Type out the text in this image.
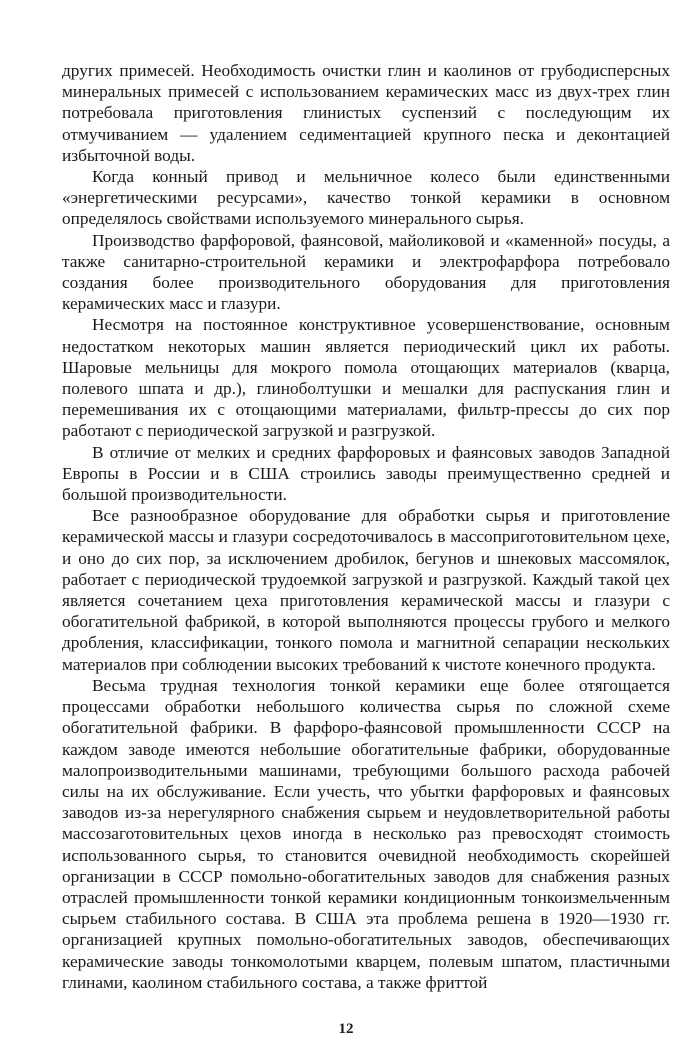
других примесей. Необходимость очистки глин и каолинов от грубодисперсных минеральных примесей с использованием керамических масс из двух-трех глин потребовала приготовления глинистых суспензий с последующим их отмучиванием — удалением седиментацией крупного песка и деконтацией избыточной воды.

Когда конный привод и мельничное колесо были единственными «энергетическими ресурсами», качество тонкой керамики в основном определялось свойствами используемого минерального сырья.

Производство фарфоровой, фаянсовой, майоликовой и «каменной» посуды, а также санитарно-строительной керамики и электрофарфора потребовало создания более производительного оборудования для приготовления керамических масс и глазури.

Несмотря на постоянное конструктивное усовершенствование, основным недостатком некоторых машин является периодический цикл их работы. Шаровые мельницы для мокрого помола отощающих материалов (кварца, полевого шпата и др.), глиноболтушки и мешалки для распускания глин и перемешивания их с отощающими материалами, фильтр-прессы до сих пор работают с периодической загрузкой и разгрузкой.

В отличие от мелких и средних фарфоровых и фаянсовых заводов Западной Европы в России и в США строились заводы преимущественно средней и большой производительности.

Все разнообразное оборудование для обработки сырья и приготовление керамической массы и глазури сосредоточивалось в массоприготовительном цехе, и оно до сих пор, за исключением дробилок, бегунов и шнековых массомялок, работает с периодической трудоемкой загрузкой и разгрузкой. Каждый такой цех является сочетанием цеха приготовления керамической массы и глазури с обогатительной фабрикой, в которой выполняются процессы грубого и мелкого дробления, классификации, тонкого помола и магнитной сепарации нескольких материалов при соблюдении высоких требований к чистоте конечного продукта.

Весьма трудная технология тонкой керамики еще более отягощается процессами обработки небольшого количества сырья по сложной схеме обогатительной фабрики. В фарфоро-фаянсовой промышленности СССР на каждом заводе имеются небольшие обогатительные фабрики, оборудованные малопроизводительными машинами, требующими большого расхода рабочей силы на их обслуживание. Если учесть, что убытки фарфоровых и фаянсовых заводов из-за нерегулярного снабжения сырьем и неудовлетворительной работы массозаготовительных цехов иногда в несколько раз превосходят стоимость использованного сырья, то становится очевидной необходимость скорейшей организации в СССР помольно-обогатительных заводов для снабжения разных отраслей промышленности тонкой керамики кондиционным тонкоизмельченным сырьем стабильного состава. В США эта проблема решена в 1920—1930 гг. организацией крупных помольно-обогатительных заводов, обеспечивающих керамические заводы тонкомолотыми кварцем, полевым шпатом, пластичными глинами, каолином стабильного состава, а также фриттой

12
